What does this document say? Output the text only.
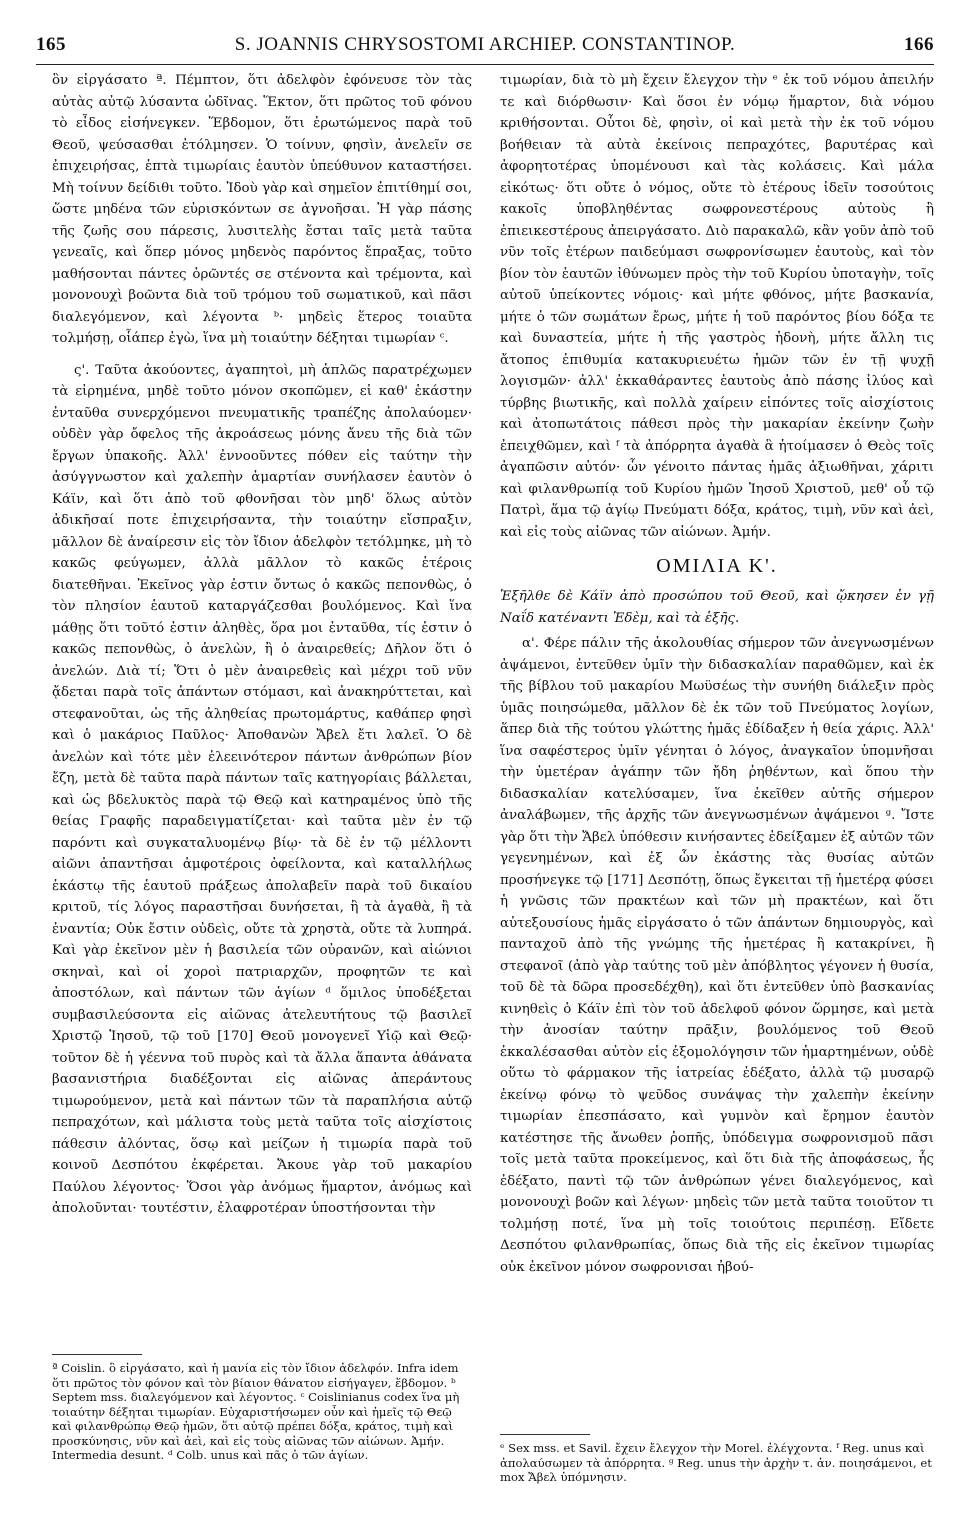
165	S. JOANNIS CHRYSOSTOMI ARCHIEP. CONSTANTINOP.	166

ὃν εἰργάσατο ª. Πέμπτον, ὅτι ἀδελφὸν ἐφόνευσε τὸν τὰς αὐτὰς αὐτῷ λύσαντα ὠδῖνας. Ἕκτον, ὅτι πρῶτος τοῦ φόνου τὸ εἶδος εἰσήνεγκεν. Ἕβδομον, ὅτι ἐρωτώμενος παρὰ τοῦ Θεοῦ, ψεύσασθαι ἐτόλμησεν. Ὁ τοίνυν, φησὶν, ἀνελεῖν σε ἐπιχειρήσας, ἑπτὰ τιμωρίαις ἑαυτὸν ὑπεύθυνον καταστήσει. Μὴ τοίνυν δείδιθι τοῦτο. Ἰδοὺ γὰρ καὶ σημεῖον ἐπιτίθημί σοι, ὥστε μηδένα τῶν εὑρισκόντων σε ἀγνοῆσαι. Ἡ γὰρ πάσης τῆς ζωῆς σου πάρεσις, λυσιτελὴς ἔσται ταῖς μετὰ ταῦτα γενεαῖς, καὶ ὅπερ μόνος μηδενὸς παρόντος ἔπραξας, τοῦτο μαθήσονται πάντες ὁρῶντές σε στένοντα καὶ τρέμοντα, καὶ μονονουχὶ βοῶντα διὰ τοῦ τρόμου τοῦ σωματικοῦ, καὶ πᾶσι διαλεγόμενον, καὶ λέγοντα ᵇ· μηδεὶς ἕτερος τοιαῦτα τολμήσῃ, οἷάπερ ἐγὼ, ἵνα μὴ τοιαύτην δέξηται τιμωρίαν ᶜ.

ς'. Ταῦτα ἀκούοντες, ἀγαπητοὶ, μὴ ἁπλῶς παρατρέχωμεν τὰ εἰρημένα, μηδὲ τοῦτο μόνον σκοπῶμεν, εἰ καθ' ἑκάστην ἐνταῦθα συνερχόμενοι πνευματικῆς τραπέζης ἀπολαύομεν· οὐδὲν γὰρ ὄφελος τῆς ἀκροάσεως μόνης ἄνευ τῆς διὰ τῶν ἔργων ὑπακοῆς. Ἀλλ' ἐννοοῦντες πόθεν εἰς ταύτην τὴν ἀσύγγνωστον καὶ χαλεπὴν ἁμαρτίαν συνήλασεν ἑαυτὸν ὁ Κάϊν, καὶ ὅτι ἀπὸ τοῦ φθονῆσαι τὸν μηδ' ὅλως αὐτὸν ἀδικῆσαί ποτε ἐπιχειρήσαντα, τὴν τοιαύτην εἴσπραξιν, μᾶλλον δὲ ἀναίρεσιν εἰς τὸν ἴδιον ἀδελφὸν τετόλμηκε, μὴ τὸ κακῶς φεύγωμεν, ἀλλὰ μᾶλλον τὸ κακῶς ἑτέροις διατεθῆναι. Ἐκεῖνος γὰρ ἐστιν ὄντως ὁ κακῶς πεπονθὼς, ὁ τὸν πλησίον ἑαυτοῦ καταργάζεσθαι βουλόμενος. Καὶ ἵνα μάθῃς ὅτι τοῦτό ἐστιν ἀληθὲς, ὅρα μοι ἐνταῦθα, τίς ἐστιν ὁ κακῶς πεπονθὼς, ὁ ἀνελὼν, ἢ ὁ ἀναιρεθείς; Δῆλον ὅτι ὁ ἀνελών. Διὰ τί; Ὅτι ὁ μὲν ἀναιρεθεὶς καὶ μέχρι τοῦ νῦν ᾄδεται παρὰ τοῖς ἁπάντων στόμασι, καὶ ἀνακηρύττεται, καὶ στεφανοῦται, ὡς τῆς ἀληθείας πρωτομάρτυς, καθάπερ φησὶ καὶ ὁ μακάριος Παῦλος· Ἀποθανὼν Ἄβελ ἔτι λαλεῖ. Ὁ δὲ ἀνελὼν καὶ τότε μὲν ἐλεεινότερον πάντων ἀνθρώπων βίον ἔζη, μετὰ δὲ ταῦτα παρὰ πάντων ταῖς κατηγορίαις βάλλεται, καὶ ὡς βδελυκτὸς παρὰ τῷ Θεῷ καὶ κατηραμένος ὑπὸ τῆς θείας Γραφῆς παραδειγματίζεται· καὶ ταῦτα μὲν ἐν τῷ παρόντι καὶ συγκαταλυομένῳ βίῳ· τὰ δὲ ἐν τῷ μέλλοντι αἰῶνι ἀπαντῆσαι ἀμφοτέροις ὀφείλοντα, καὶ καταλλήλως ἑκάστῳ τῆς ἑαυτοῦ πράξεως ἀπολαβεῖν παρὰ τοῦ δικαίου κριτοῦ, τίς λόγος παραστῆσαι δυνήσεται, ἢ τὰ ἀγαθὰ, ἢ τὰ ἐναντία; Οὐκ ἔστιν οὐδεὶς, οὔτε τὰ χρηστὰ, οὔτε τὰ λυπηρά. Καὶ γὰρ ἐκεῖνον μὲν ἡ βασιλεία τῶν οὐρανῶν, καὶ αἰώνιοι σκηναὶ, καὶ οἱ χοροὶ πατριαρχῶν, προφητῶν τε καὶ ἀποστόλων, καὶ πάντων τῶν ἁγίων ᵈ ὅμιλος ὑποδέξεται συμβασιλεύσοντα εἰς αἰῶνας ἀτελευτήτους τῷ βασιλεῖ Χριστῷ Ἰησοῦ, τῷ τοῦ [170] Θεοῦ μονογενεῖ Υἱῷ καὶ Θεῷ· τοῦτον δὲ ἡ γέεννα τοῦ πυρὸς καὶ τὰ ἄλλα ἅπαντα ἀθάνατα βασανιστήρια διαδέξονται εἰς αἰῶνας ἀπεράντους τιμωρούμενον, μετὰ καὶ πάντων τῶν τὰ παραπλήσια αὐτῷ πεπραχότων, καὶ μάλιστα τοὺς μετὰ ταῦτα τοῖς αἰσχίστοις πάθεσιν ἁλόντας, ὅσῳ καὶ μείζων ἡ τιμωρία παρὰ τοῦ κοινοῦ Δεσπότου ἐκφέρεται. Ἄκουε γὰρ τοῦ μακαρίου Παύλου λέγοντος· Ὅσοι γὰρ ἀνόμως ἥμαρτον, ἀνόμως καὶ ἀπολοῦνται· τουτέστιν, ἐλαφροτέραν ὑποστήσονται τὴν

ª Coislin. ὃ εἰργάσατο, καὶ ἡ μανία εἰς τὸν ἴδιον ἀδελφόν. Infra idem ὅτι πρῶτος τὸν φόνον καὶ τὸν βίαιον θάνατον εἰσήγαγεν, ἕβδομον. ᵇ Septem mss. διαλεγόμενον καὶ λέγοντος. ᶜ Coislinianus codex ἵνα μὴ τοιαύτην δέξηται τιμωρίαν. Εὐχαριστήσωμεν οὖν καὶ ἡμεῖς τῷ Θεῷ καὶ φιλανθρώπῳ Θεῷ ἡμῶν, ὅτι αὐτῷ πρέπει δόξα, κράτος, τιμὴ καὶ προσκύνησις, νῦν καὶ ἀεὶ, καὶ εἰς τοὺς αἰῶνας τῶν αἰώνων. Ἀμήν. Intermedia desunt. ᵈ Colb. unus καὶ πᾶς ὁ τῶν ἁγίων.

τιμωρίαν, διὰ τὸ μὴ ἔχειν ἔλεγχον τὴν ᵉ ἐκ τοῦ νόμου ἀπειλήν τε καὶ διόρθωσιν· Καὶ ὅσοι ἐν νόμῳ ἥμαρτον, διὰ νόμου κριθήσονται. Οὗτοι δὲ, φησὶν, οἱ καὶ μετὰ τὴν ἐκ τοῦ νόμου βοήθειαν τὰ αὐτὰ ἐκείνοις πεπραχότες, βαρυτέρας καὶ ἀφορητοτέρας ὑπομένουσι καὶ τὰς κολάσεις. Καὶ μάλα εἰκότως· ὅτι οὔτε ὁ νόμος, οὔτε τὸ ἑτέρους ἰδεῖν τοσούτοις κακοῖς ὑποβληθέντας σωφρονεστέρους αὐτοὺς ἢ ἐπιεικεστέρους ἀπειργάσατο. Διὸ παρακαλῶ, κἂν γοῦν ἀπὸ τοῦ νῦν τοῖς ἑτέρων παιδεύμασι σωφρονίσωμεν ἑαυτοὺς, καὶ τὸν βίον τὸν ἑαυτῶν ἰθύνωμεν πρὸς τὴν τοῦ Κυρίου ὑποταγὴν, τοῖς αὐτοῦ ὑπείκοντες νόμοις· καὶ μήτε φθόνος, μήτε βασκανία, μήτε ὁ τῶν σωμάτων ἔρως, μήτε ἡ τοῦ παρόντος βίου δόξα τε καὶ δυναστεία, μήτε ἡ τῆς γαστρὸς ἡδονὴ, μήτε ἄλλη τις ἄτοπος ἐπιθυμία κατακυριευέτω ἡμῶν τῶν ἐν τῇ ψυχῇ λογισμῶν· ἀλλ' ἐκκαθάραντες ἑαυτοὺς ἀπὸ πάσης ἰλύος καὶ τύρβης βιωτικῆς, καὶ πολλὰ χαίρειν εἰπόντες τοῖς αἰσχίστοις καὶ ἀτοπωτάτοις πάθεσι πρὸς τὴν μακαρίαν ἐκείνην ζωὴν ἐπειχθῶμεν, καὶ ᶠ τὰ ἀπόρρητα ἀγαθὰ ἃ ἡτοίμασεν ὁ Θεὸς τοῖς ἀγαπῶσιν αὐτόν· ὧν γένοιτο πάντας ἡμᾶς ἀξιωθῆναι, χάριτι καὶ φιλανθρωπίᾳ τοῦ Κυρίου ἡμῶν Ἰησοῦ Χριστοῦ, μεθ' οὗ τῷ Πατρὶ, ἅμα τῷ ἁγίῳ Πνεύματι δόξα, κράτος, τιμὴ, νῦν καὶ ἀεὶ, καὶ εἰς τοὺς αἰῶνας τῶν αἰώνων. Ἀμήν.

ΟΜΙΛΙΑ Κ'.
Ἐξῆλθε δὲ Κάϊν ἀπὸ προσώπου τοῦ Θεοῦ, καὶ ᾤκησεν ἐν γῇ Ναΐδ κατέναντι Ἐδὲμ, καὶ τὰ ἑξῆς.

α'. Φέρε πάλιν τῆς ἀκολουθίας σήμερον τῶν ἀνεγνωσμένων ἀψάμενοι, ἐντεῦθεν ὑμῖν τὴν διδασκαλίαν παραθῶμεν, καὶ ἐκ τῆς βίβλου τοῦ μακαρίου Μωϋσέως τὴν συνήθη διάλεξιν πρὸς ὑμᾶς ποιησώμεθα, μᾶλλον δὲ ἐκ τῶν τοῦ Πνεύματος λογίων, ἅπερ διὰ τῆς τούτου γλώττης ἡμᾶς ἐδίδαξεν ἡ θεία χάρις. Ἀλλ' ἵνα σαφέστερος ὑμῖν γένηται ὁ λόγος, ἀναγκαῖον ὑπομνῆσαι τὴν ὑμετέραν ἀγάπην τῶν ἤδη ῥηθέντων, καὶ ὅπου τὴν διδασκαλίαν κατελύσαμεν, ἵνα ἐκεῖθεν αὐτῆς σήμερον ἀναλάβωμεν, τῆς ἀρχῆς τῶν ἀνεγνωσμένων ἀψάμενοι ᵍ. Ἴστε γὰρ ὅτι τὴν Ἄβελ ὑπόθεσιν κινήσαντες ἐδείξαμεν ἐξ αὐτῶν τῶν γεγενημένων, καὶ ἐξ ὧν ἐκάστης τὰς θυσίας αὐτῶν προσήνεγκε τῷ [171] Δεσπότῃ, ὅπως ἔγκειται τῇ ἡμετέρᾳ φύσει ἡ γνῶσις τῶν πρακτέων καὶ τῶν μὴ πρακτέων, καὶ ὅτι αὐτεξουσίους ἡμᾶς εἰργάσατο ὁ τῶν ἁπάντων δημιουργὸς, καὶ πανταχοῦ ἀπὸ τῆς γνώμης τῆς ἡμετέρας ἢ κατακρίνει, ἢ στεφανοῖ (ἀπὸ γὰρ ταύτης τοῦ μὲν ἀπόβλητος γέγονεν ἡ θυσία, τοῦ δὲ τὰ δῶρα προσεδέχθη), καὶ ὅτι ἐντεῦθεν ὑπὸ βασκανίας κινηθεὶς ὁ Κάϊν ἐπὶ τὸν τοῦ ἀδελφοῦ φόνον ὥρμησε, καὶ μετὰ τὴν ἀνοσίαν ταύτην πρᾶξιν, βουλόμενος τοῦ Θεοῦ ἐκκαλέσασθαι αὐτὸν εἰς ἐξομολόγησιν τῶν ἡμαρτημένων, οὐδὲ οὕτω τὸ φάρμακον τῆς ἰατρείας ἐδέξατο, ἀλλὰ τῷ μυσαρῷ ἐκείνῳ φόνῳ τὸ ψεῦδος συνάψας τὴν χαλεπὴν ἐκείνην τιμωρίαν ἐπεσπάσατο, καὶ γυμνὸν καὶ ἔρημον ἑαυτὸν κατέστησε τῆς ἄνωθεν ῥοπῆς, ὑπόδειγμα σωφρονισμοῦ πᾶσι τοῖς μετὰ ταῦτα προκείμενος, καὶ ὅτι διὰ τῆς ἀποφάσεως, ἧς ἐδέξατο, παντὶ τῷ τῶν ἀνθρώπων γένει διαλεγόμενος, καὶ μονονουχὶ βοῶν καὶ λέγων· μηδεὶς τῶν μετὰ ταῦτα τοιοῦτον τι τολμήσῃ ποτέ, ἵνα μὴ τοῖς τοιούτοις περιπέσῃ. Εἴδετε Δεσπότου φιλανθρωπίας, ὅπως διὰ τῆς εἰς ἐκεῖνον τιμωρίας οὐκ ἐκεῖνον μόνον σωφρονισαι ἠβού-

ᵉ Sex mss. et Savil. ἔχειν ἔλεγχον τὴν Morel. ἐλέγχοντα. ᶠ Reg. unus καὶ ἀπολαύσωμεν τὰ ἀπόρρητα. ᵍ Reg. unus τὴν ἀρχὴν τ. ἀν. ποιησάμενοι, et mox Ἄβελ ὑπόμνησιν.
